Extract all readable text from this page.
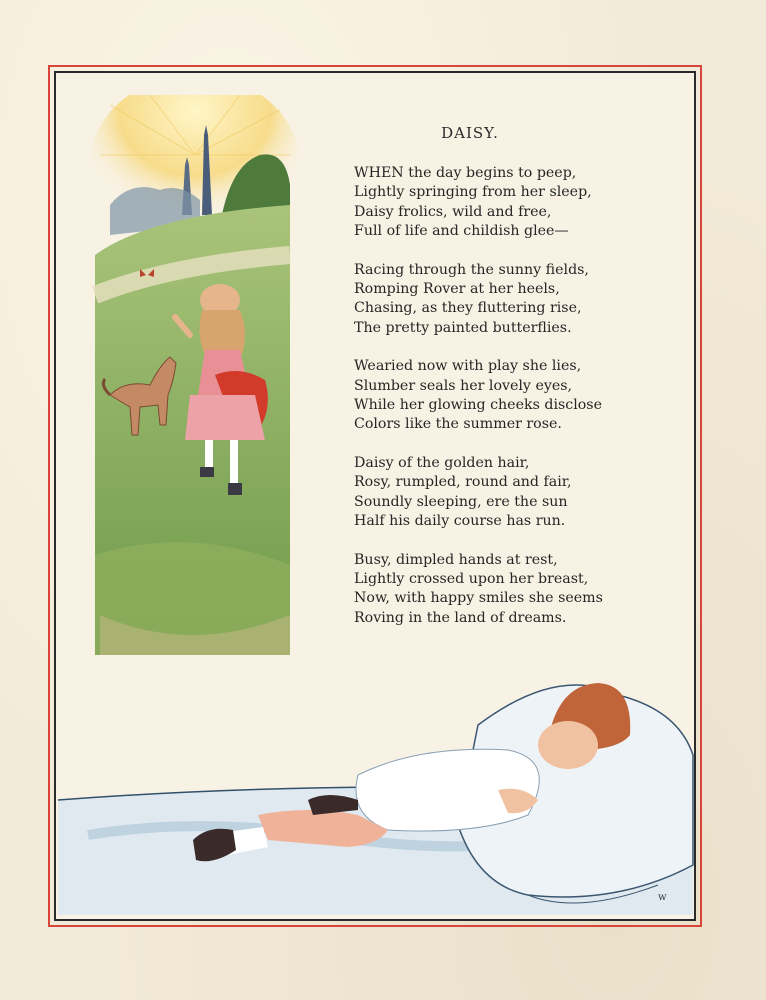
DAISY.
WHEN the day begins to peep,
Lightly springing from her sleep,
Daisy frolics, wild and free,
Full of life and childish glee—
Racing through the sunny fields,
Romping Rover at her heels,
Chasing, as they fluttering rise,
The pretty painted butterflies.
Wearied now with play she lies,
Slumber seals her lovely eyes,
While her glowing cheeks disclose
Colors like the summer rose.
Daisy of the golden hair,
Rosy, rumpled, round and fair,
Soundly sleeping, ere the sun
Half his daily course has run.
Busy, dimpled hands at rest,
Lightly crossed upon her breast,
Now, with happy smiles she seems
Roving in the land of dreams.
w
